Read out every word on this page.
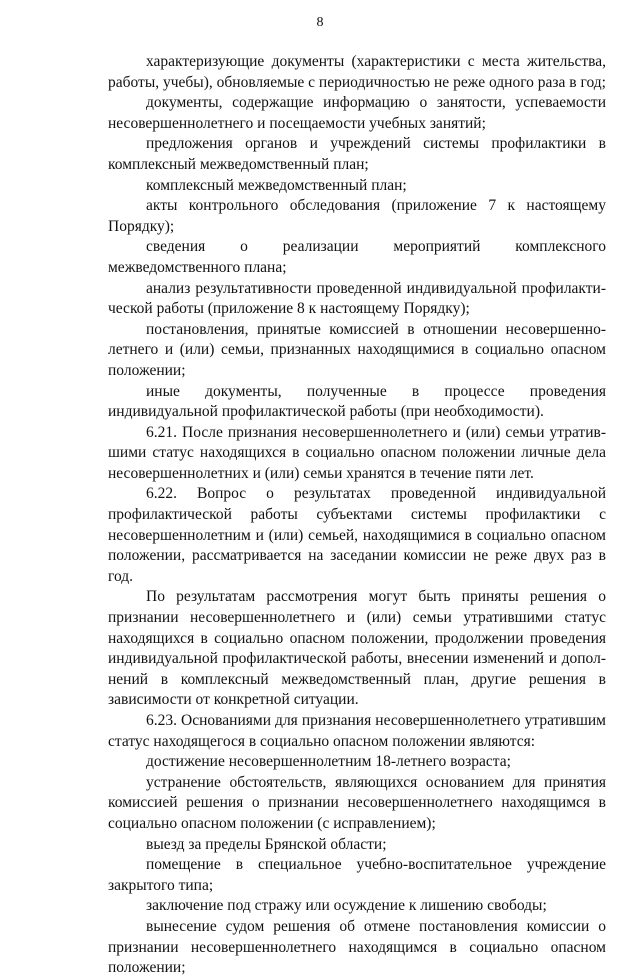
8

характеризующие документы (характеристики с места жительства, работы, учебы), обновляемые с периодичностью не реже одного раза в год;

документы, содержащие информацию о занятости, успеваемости несовершеннолетнего и посещаемости учебных занятий;

предложения органов и учреждений системы профилактики в комплексный межведомственный план;

комплексный межведомственный план;

акты контрольного обследования (приложение 7 к настоящему Порядку);

сведения о реализации мероприятий комплексного межведомственного плана;

анализ результативности проведенной индивидуальной профилактической работы (приложение 8 к настоящему Порядку);

постановления, принятые комиссией в отношении несовершеннолетнего и (или) семьи, признанных находящимися в социально опасном положении;

иные документы, полученные в процессе проведения индивидуальной профилактической работы (при необходимости).

6.21. После признания несовершеннолетнего и (или) семьи утратившими статус находящихся в социально опасном положении личные дела несовершеннолетних и (или) семьи хранятся в течение пяти лет.

6.22. Вопрос о результатах проведенной индивидуальной профилактической работы субъектами системы профилактики с несовершеннолетним и (или) семьей, находящимися в социально опасном положении, рассматривается на заседании комиссии не реже двух раз в год.

По результатам рассмотрения могут быть приняты решения о признании несовершеннолетнего и (или) семьи утратившими статус находящихся в социально опасном положении, продолжении проведения индивидуальной профилактической работы, внесении изменений и дополнений в комплексный межведомственный план, другие решения в зависимости от конкретной ситуации.

6.23. Основаниями для признания несовершеннолетнего утратившим статус находящегося в социально опасном положении являются:

достижение несовершеннолетним 18-летнего возраста;

устранение обстоятельств, являющихся основанием для принятия комиссией решения о признании несовершеннолетнего находящимся в социально опасном положении (с исправлением);

выезд за пределы Брянской области;

помещение в специальное учебно-воспитательное учреждение закрытого типа;

заключение под стражу или осуждение к лишению свободы;

вынесение судом решения об отмене постановления комиссии о признании несовершеннолетнего находящимся в социально опасном положении;
